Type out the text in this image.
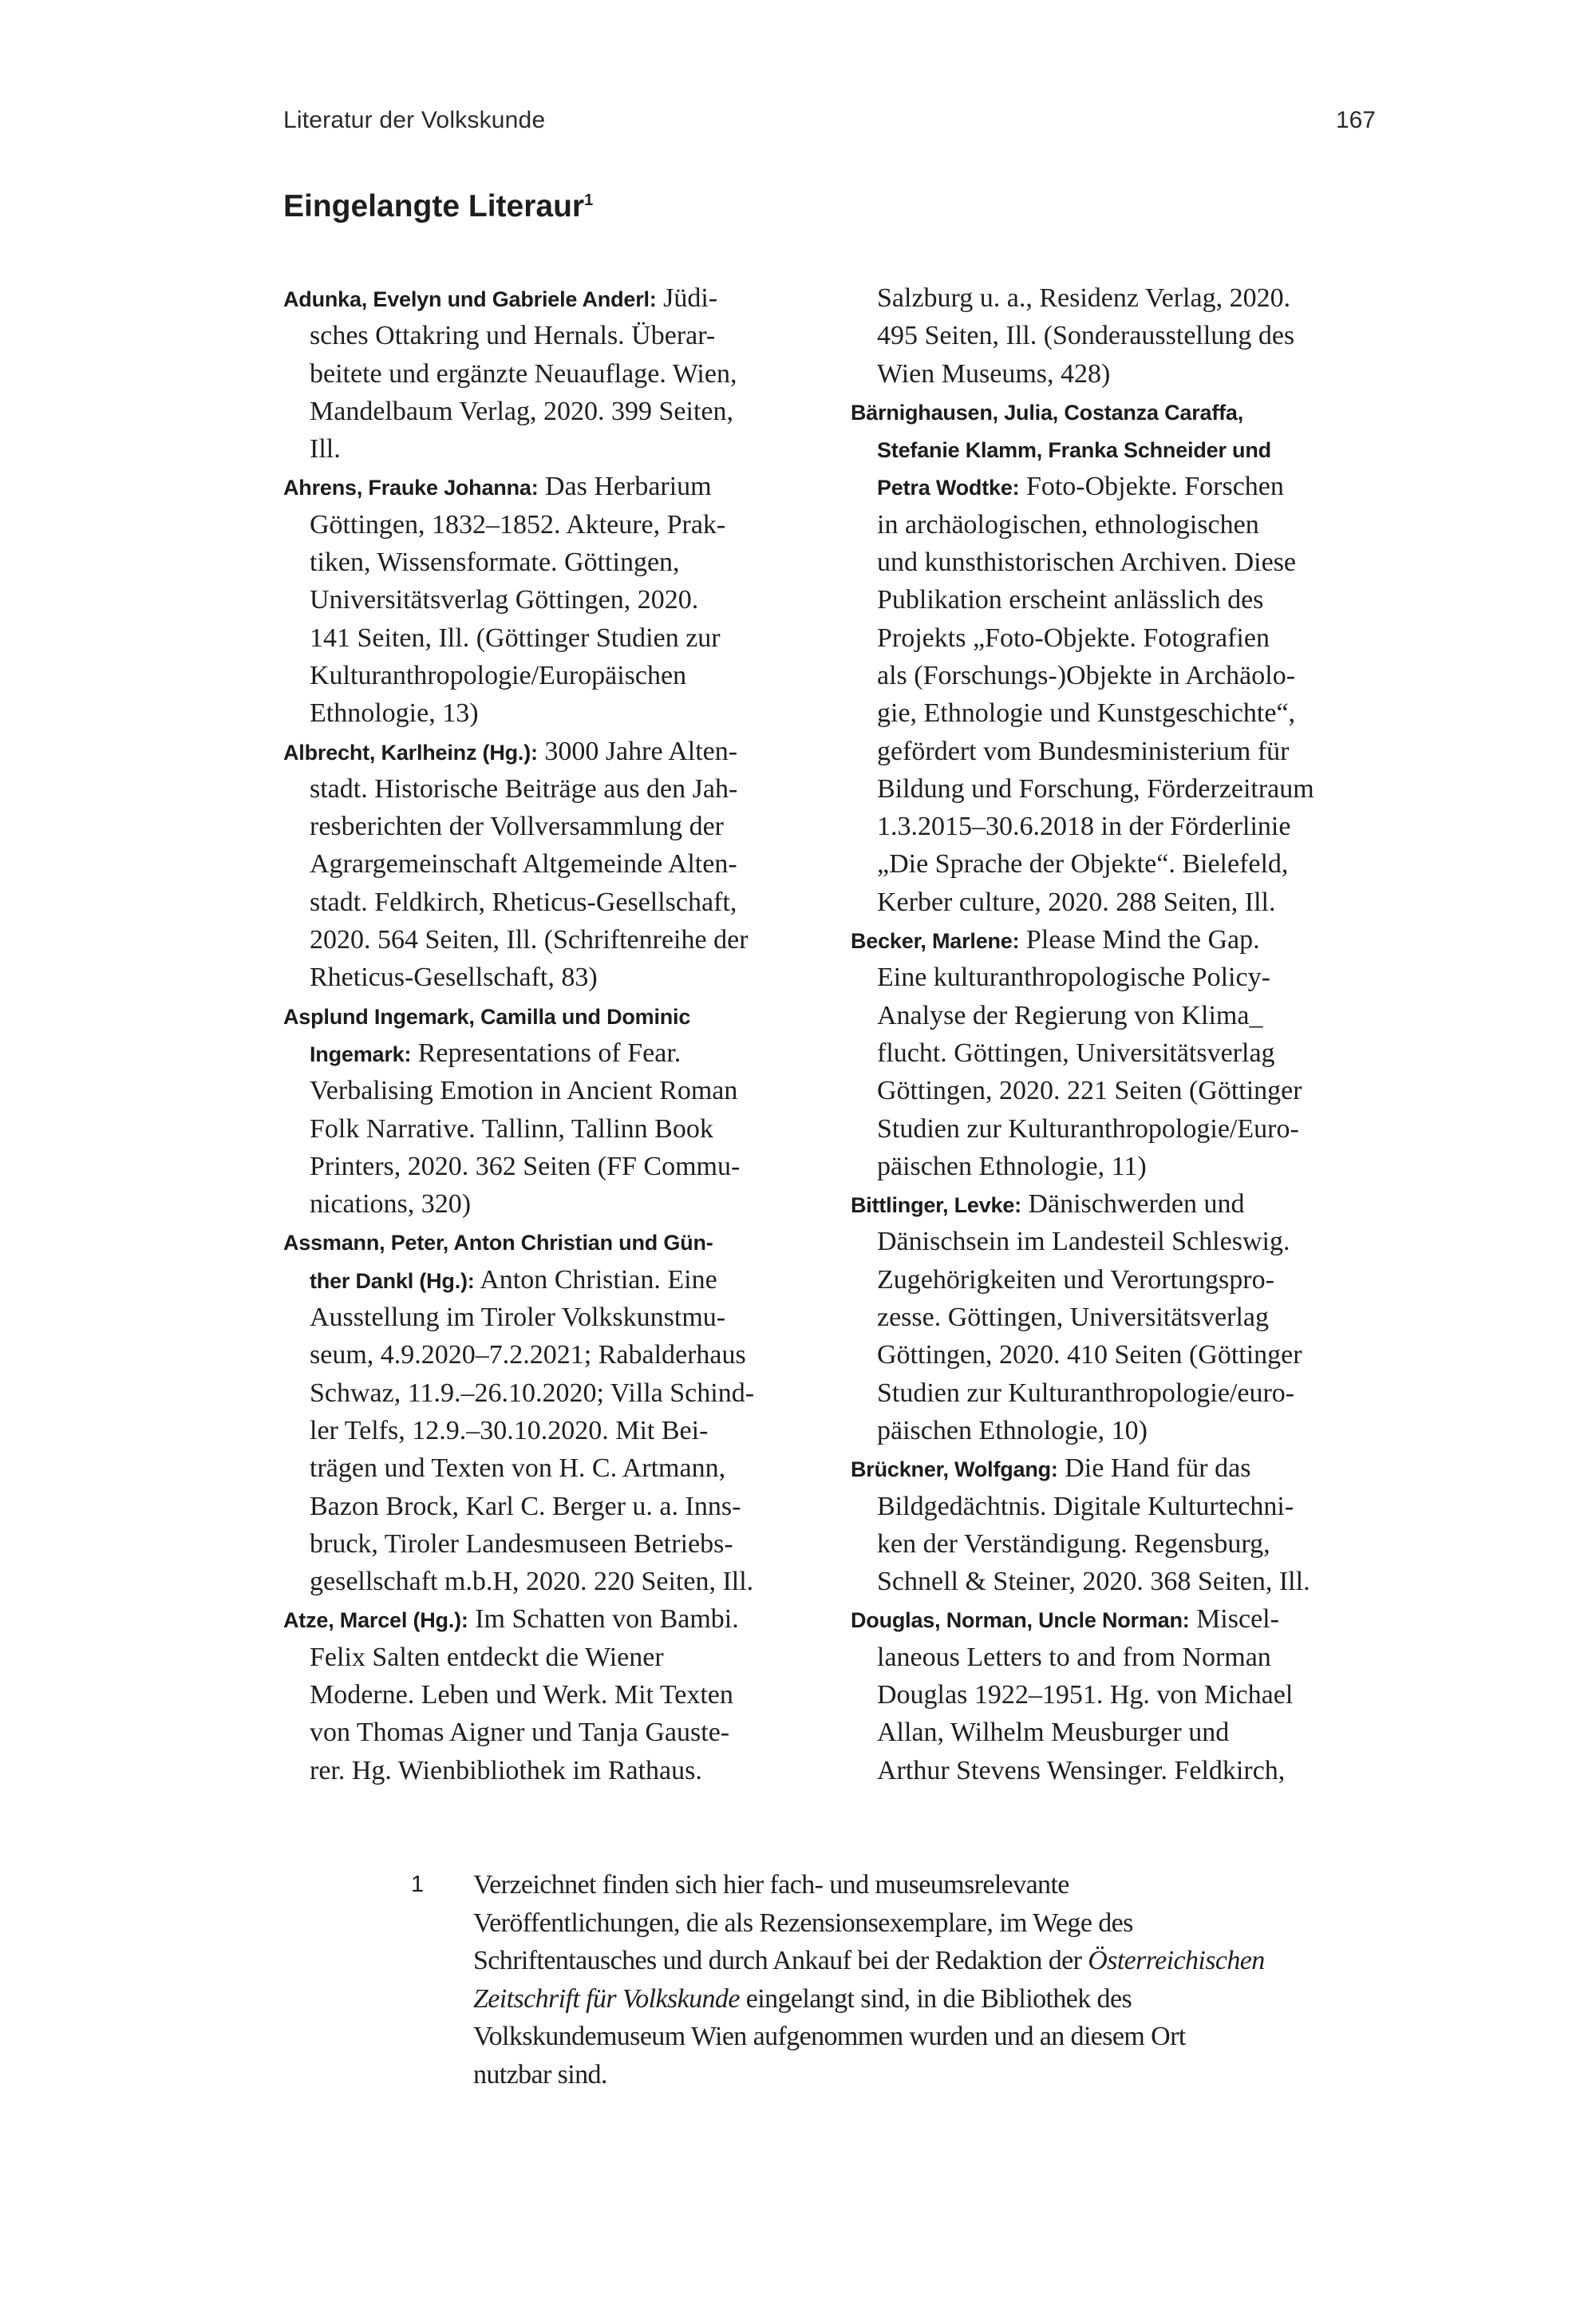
Literatur der Volkskunde	167
Eingelangte Literaur$^1$
Adunka, Evelyn und Gabriele Anderl: Jüdi-
sches Ottakring und Hernals. Überar-
beitete und ergänzte Neuauflage. Wien,
Mandelbaum Verlag, 2020. 399 Seiten,
Ill.
Ahrens, Frauke Johanna: Das Herbarium
Göttingen, 1832–1852. Akteure, Prak-
tiken, Wissensformate. Göttingen,
Universitätsverlag Göttingen, 2020.
141 Seiten, Ill. (Göttinger Studien zur
Kulturanthropologie/Europäischen
Ethnologie, 13)
Albrecht, Karlheinz (Hg.): 3000 Jahre Alten-
stadt. Historische Beiträge aus den Jah-
resberichten der Vollversammlung der
Agrargemeinschaft Altgemeinde Alten-
stadt. Feldkirch, Rheticus-Gesellschaft,
2020. 564 Seiten, Ill. (Schriftenreihe der
Rheticus-Gesellschaft, 83)
Asplund Ingemark, Camilla und Dominic
Ingemark: Representations of Fear.
Verbalising Emotion in Ancient Roman
Folk Narrative. Tallinn, Tallinn Book
Printers, 2020. 362 Seiten (FF Commu-
nications, 320)
Assmann, Peter, Anton Christian und Gün-
ther Dankl (Hg.): Anton Christian. Eine
Ausstellung im Tiroler Volkskunstmu-
seum, 4.9.2020–7.2.2021; Rabalderhaus
Schwaz, 11.9.–26.10.2020; Villa Schind-
ler Telfs, 12.9.–30.10.2020. Mit Bei-
trägen und Texten von H. C. Artmann,
Bazon Brock, Karl C. Berger u. a. Inns-
bruck, Tiroler Landesmuseen Betriebs-
gesellschaft m.b.H, 2020. 220 Seiten, Ill.
Atze, Marcel (Hg.): Im Schatten von Bambi.
Felix Salten entdeckt die Wiener
Moderne. Leben und Werk. Mit Texten
von Thomas Aigner und Tanja Gauste-
rer. Hg. Wienbibliothek im Rathaus.
Salzburg u. a., Residenz Verlag, 2020.
495 Seiten, Ill. (Sonderausstellung des
Wien Museums, 428)
Bärnighausen, Julia, Costanza Caraffa,
Stefanie Klamm, Franka Schneider und
Petra Wodtke: Foto-Objekte. Forschen
in archäologischen, ethnologischen
und kunsthistorischen Archiven. Diese
Publikation erscheint anlässlich des
Projekts „Foto-Objekte. Fotografien
als (Forschungs-)Objekte in Archäolo-
gie, Ethnologie und Kunstgeschichte“,
gefördert vom Bundesministerium für
Bildung und Forschung, Förderzeitraum
1.3.2015–30.6.2018 in der Förderlinie
„Die Sprache der Objekte“. Bielefeld,
Kerber culture, 2020. 288 Seiten, Ill.
Becker, Marlene: Please Mind the Gap.
Eine kulturanthropologische Policy-
Analyse der Regierung von Klima_
flucht. Göttingen, Universitätsverlag
Göttingen, 2020. 221 Seiten (Göttinger
Studien zur Kulturanthropologie/Euro-
päischen Ethnologie, 11)
Bittlinger, Levke: Dänischwerden und
Dänischsein im Landesteil Schleswig.
Zugehörigkeiten und Verortungspro-
zesse. Göttingen, Universitätsverlag
Göttingen, 2020. 410 Seiten (Göttinger
Studien zur Kulturanthropologie/euro-
päischen Ethnologie, 10)
Brückner, Wolfgang: Die Hand für das
Bildgedächtnis. Digitale Kulturtechni-
ken der Verständigung. Regensburg,
Schnell & Steiner, 2020. 368 Seiten, Ill.
Douglas, Norman, Uncle Norman: Miscel-
laneous Letters to and from Norman
Douglas 1922–1951. Hg. von Michael
Allan, Wilhelm Meusburger und
Arthur Stevens Wensinger. Feldkirch,
1 Verzeichnet finden sich hier fach- und museumsrelevante
Veröffentlichungen, die als Rezensionsexemplare, im Wege des
Schriftentausches und durch Ankauf bei der Redaktion der Österreichischen
Zeitschrift für Volkskunde eingelangt sind, in die Bibliothek des
Volkskundemuseum Wien aufgenommen wurden und an diesem Ort
nutzbar sind.
